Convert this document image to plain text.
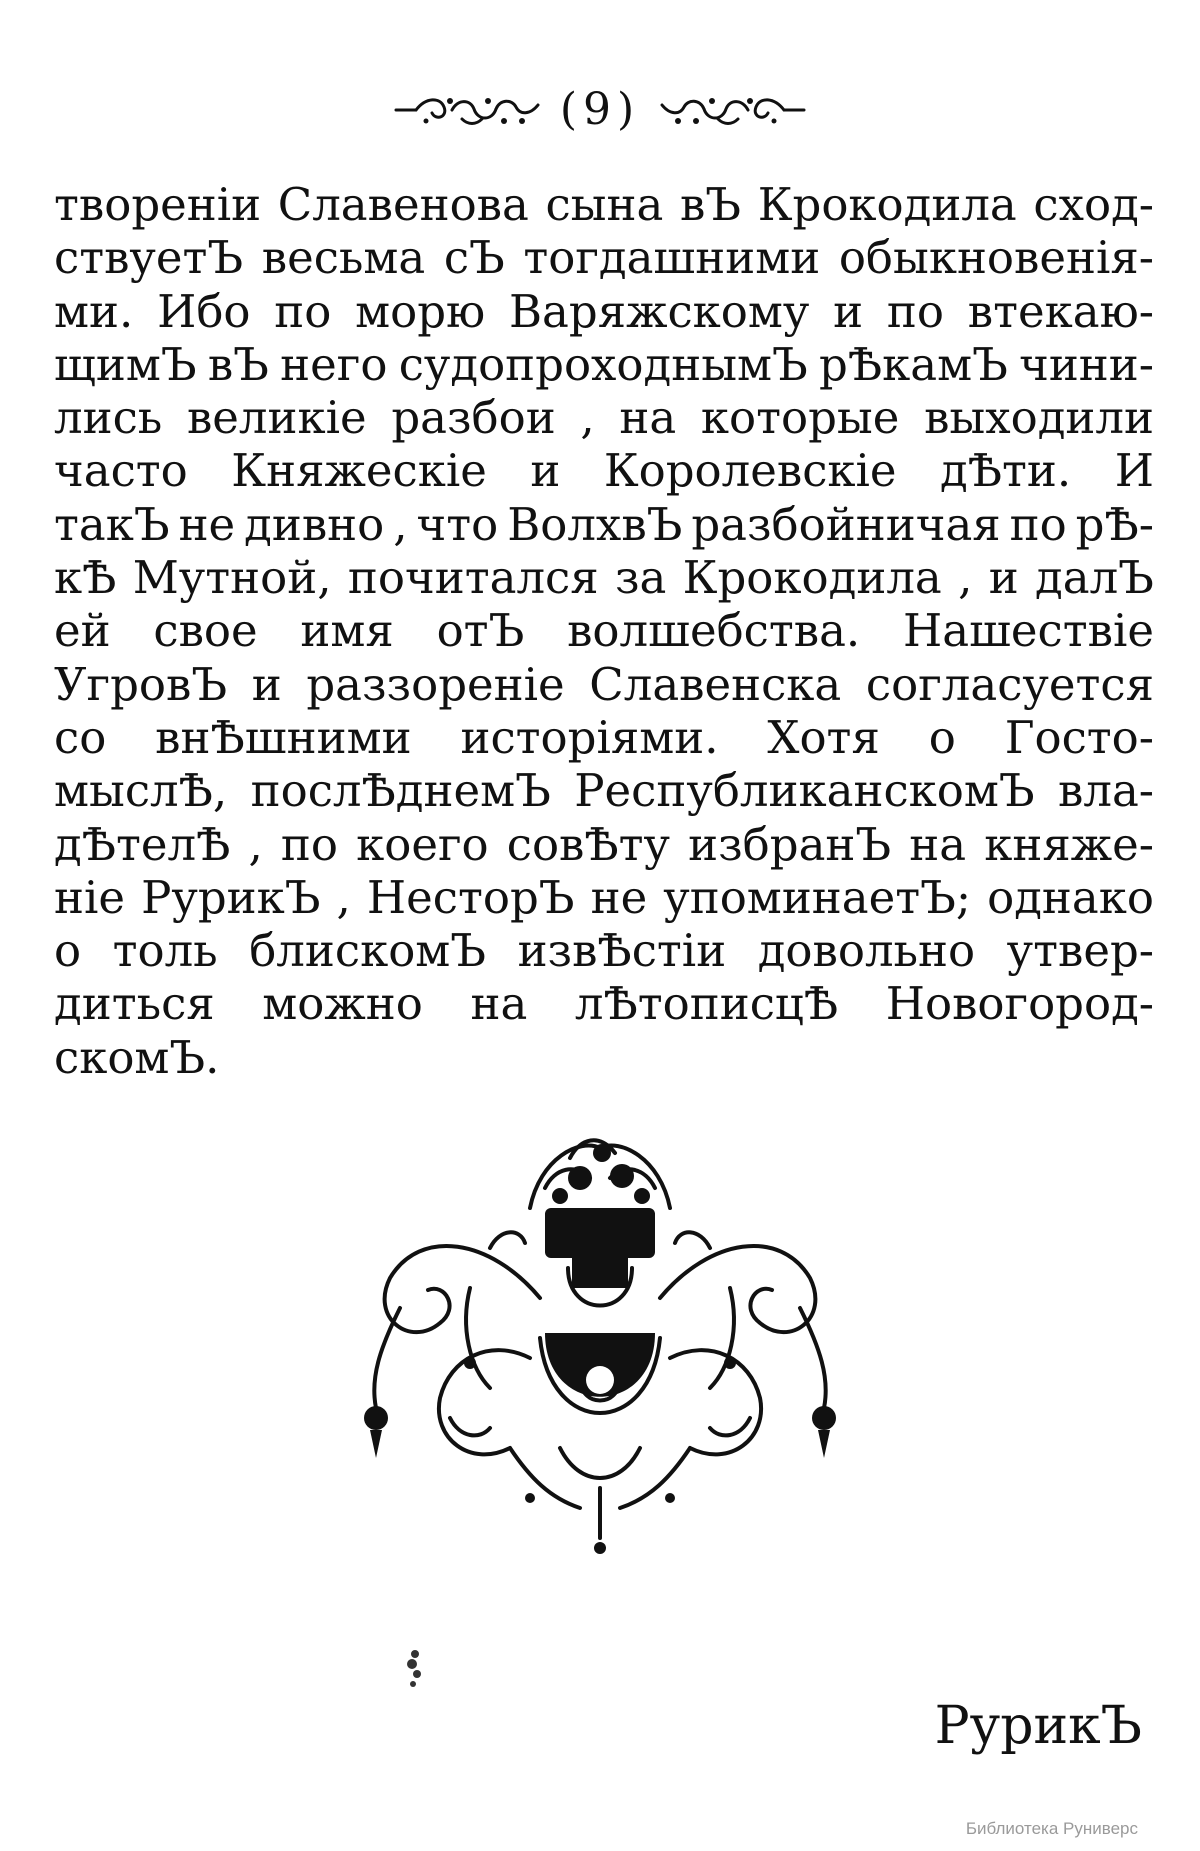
(9)
творенiи Славенова сына вЪ Крокодила сход-
ствуетЪ весьма сЪ тогдашними обыкновенiя-
ми. Ибо по морю Варяжскому и по втекаю-
щимЪ вЪ него судопроходнымЪ рѢкамЪ чини-
лись великiе разбои , на которые выходили
часто Княжескiе и Королевскiе дѢти. И
такЪ не дивно , что ВолхвЪ разбойничая по рѢ-
кѢ Мутной, почитался за Крокодила , и далЪ
ей свое имя отЪ волшебства. Нашествiе
УгровЪ и раззоренiе Славенска согласуется
со внѢшними исторiями. Хотя о Гостo-
мыслѢ, послѢднемЪ РеспубликанскомЪ вла-
дѢтелѢ , по коего совѢту избранЪ на княже-
нiе РурикЪ , НесторЪ не упоминаетЪ; однако
о толь блискомЪ извѢстiи довольно утвер-
диться можно на лѢтописцѢ Новогород-
скомЪ.
РурикЪ
Библиотека Руниверс
